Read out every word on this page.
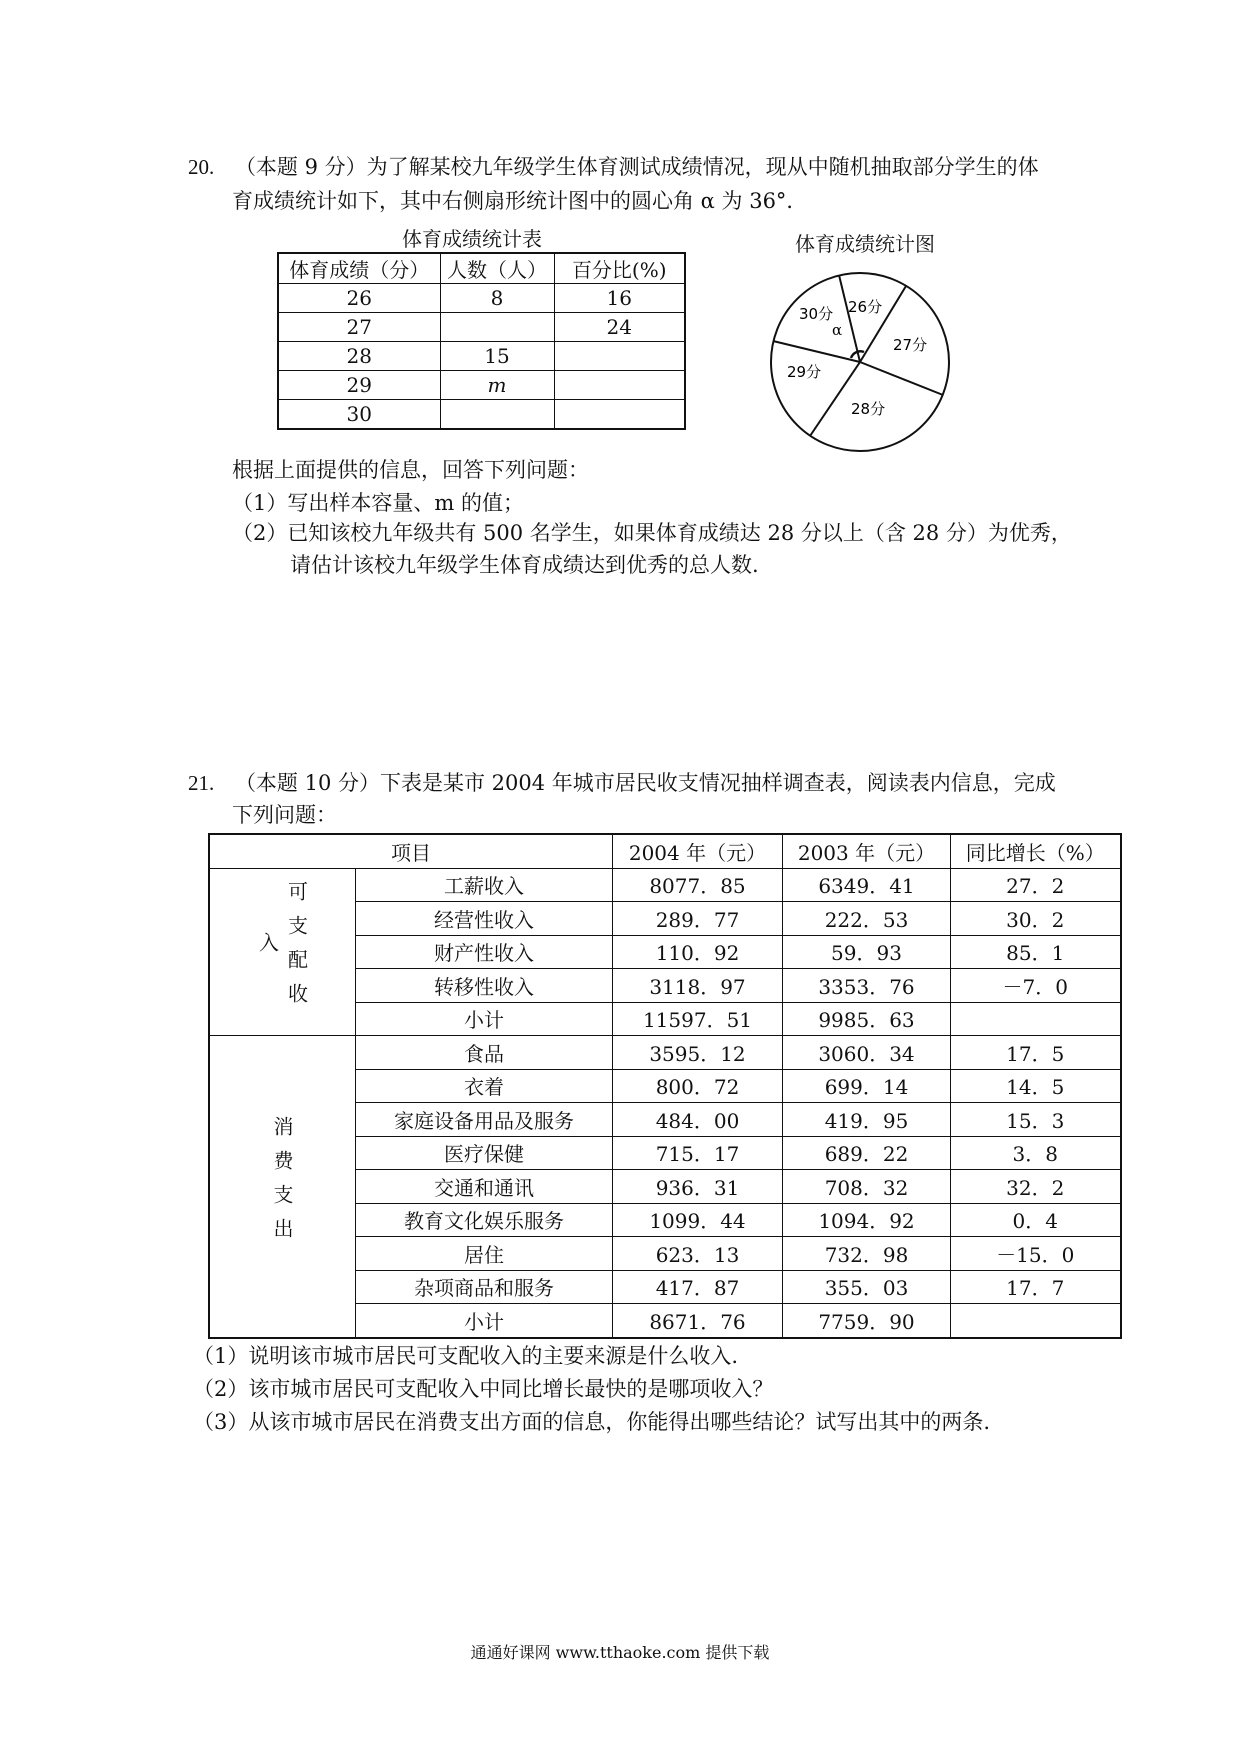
20. （本题 9 分）为了解某校九年级学生体育测试成绩情况，现从中随机抽取部分学生的体
育成绩统计如下，其中右侧扇形统计图中的圆心角 α 为 36°．
体育成绩统计表
体育成绩（分）	人数（人）	百分比(%)
26	8	16
27		24
28	15	
29	m	
30		
体育成绩统计图
α
30分 26分
27分
29分
28分
根据上面提供的信息，回答下列问题：
（1）写出样本容量、m 的值；
（2）已知该校九年级共有 500 名学生，如果体育成绩达 28 分以上（含 28 分）为优秀，
请估计该校九年级学生体育成绩达到优秀的总人数.
21. （本题 10 分）下表是某市 2004 年城市居民收支情况抽样调查表，阅读表内信息，完成
下列问题：
项目		2004 年（元）	2003 年（元）	同比增长（%）
可支配收入	工薪收入	8077．85	6349．41	27．2
	经营性收入	289．77	222．53	30．2
	财产性收入	110．92	59．93	85．1
	转移性收入	3118．97	3353．76	－7．0
	小计	11597．51	9985．63	
消费支出	食品	3595．12	3060．34	17．5
	衣着	800．72	699．14	14．5
	家庭设备用品及服务	484．00	419．95	15．3
	医疗保健	715．17	689．22	3．8
	交通和通讯	936．31	708．32	32．2
	教育文化娱乐服务	1099．44	1094．92	0．4
	居住	623．13	732．98	－15．0
	杂项商品和服务	417．87	355．03	17．7
	小计	8671．76	7759．90	
（1）说明该市城市居民可支配收入的主要来源是什么收入.
（2）该市城市居民可支配收入中同比增长最快的是哪项收入？
（3）从该市城市居民在消费支出方面的信息，你能得出哪些结论？试写出其中的两条.
通通好课网 www.tthaoke.com 提供下载
